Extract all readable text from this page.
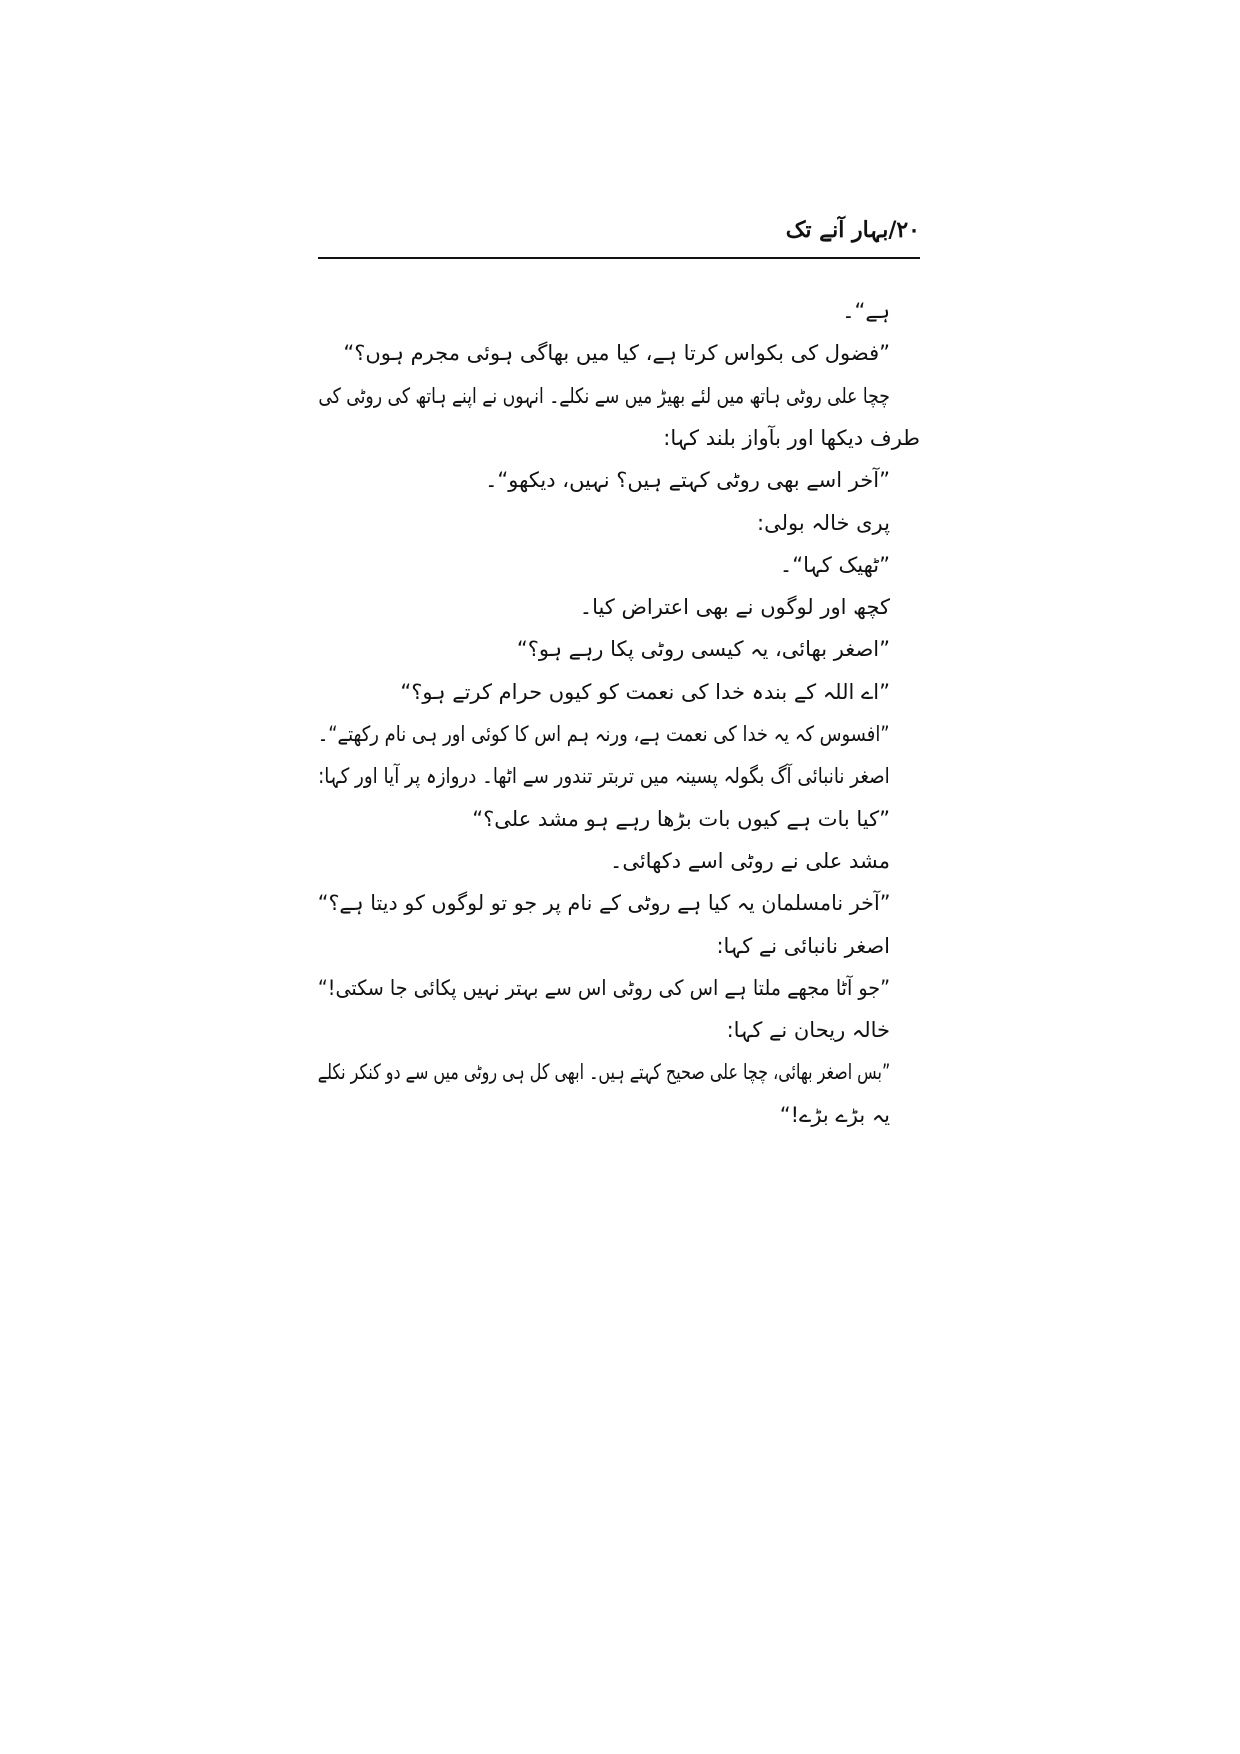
۲۰/بہار آنے تک
ہے“۔
”فضول کی بکواس کرتا ہے، کیا میں بھاگی ہوئی مجرم ہوں؟“
چچا علی روٹی ہاتھ میں لئے بھیڑ میں سے نکلے۔ انہوں نے اپنے ہاتھ کی روٹی کی
طرف دیکھا اور بآواز بلند کہا:
”آخر اسے بھی روٹی کہتے ہیں؟ نہیں، دیکھو“۔
پری خالہ بولی:
”ٹھیک کہا“۔
کچھ اور لوگوں نے بھی اعتراض کیا۔
”اصغر بھائی، یہ کیسی روٹی پکا رہے ہو؟“
”اے اللہ کے بندہ خدا کی نعمت کو کیوں حرام کرتے ہو؟“
”افسوس کہ یہ خدا کی نعمت ہے، ورنہ ہم اس کا کوئی اور ہی نام رکھتے“۔
اصغر نانبائی آگ بگولہ پسینہ میں تربتر تندور سے اٹھا۔ دروازہ پر آیا اور کہا:
”کیا بات ہے کیوں بات بڑھا رہے ہو مشد علی؟“
مشد علی نے روٹی اسے دکھائی۔
”آخر نامسلمان یہ کیا ہے روٹی کے نام پر جو تو لوگوں کو دیتا ہے؟“
اصغر نانبائی نے کہا:
”جو آٹا مجھے ملتا ہے اس کی روٹی اس سے بہتر نہیں پکائی جا سکتی!“
خالہ ریحان نے کہا:
”بس اصغر بھائی، چچا علی صحیح کہتے ہیں۔ ابھی کل ہی روٹی میں سے دو کنکر نکلے
یہ بڑے بڑے!“
